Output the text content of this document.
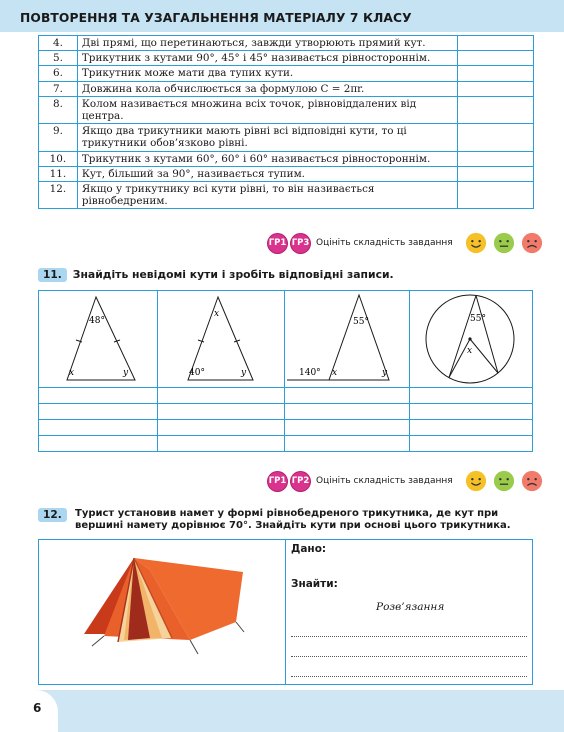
ПОВТОРЕННЯ ТА УЗАГАЛЬНЕННЯ МАТЕРІАЛУ 7 КЛАСУ
4.	Дві прямі, що перетинаються, завжди утворюють прямий кут.	
5.	Трикутник з кутами 90°, 45° і 45° називається рівностороннім.	
6.	Трикутник може мати два тупих кути.	
7.	Довжина кола обчислюється за формулою C = 2πr.	
8.	Колом називається множина всіх точок, рівновіддалених від центра.	
9.	Якщо два трикутники мають рівні всі відповідні кути, то ці трикутники обов’язково рівні.	
10.	Трикутник з кутами 60°, 60° і 60° називається рівностороннім.	
11.	Кут, більший за 90°, називається тупим.	
12.	Якщо у трикутнику всі кути рівні, то він називається рівнобедреним.	
ГР1 ГР3 Оцініть складність завдання
11. Знайдіть невідомі кути і зробіть відповідні записи.
48°
x	y
x
40°	y
55°
140° x	y
55°
x
ГР1 ГР2 Оцініть складність завдання
12.	Турист установив намет у формі рівнобедреного трикутника, де кут при вершині намету дорівнює 70°. Знайдіть кути при основі цього трикутника.
Дано:
Знайти:
Розв’язання
6
